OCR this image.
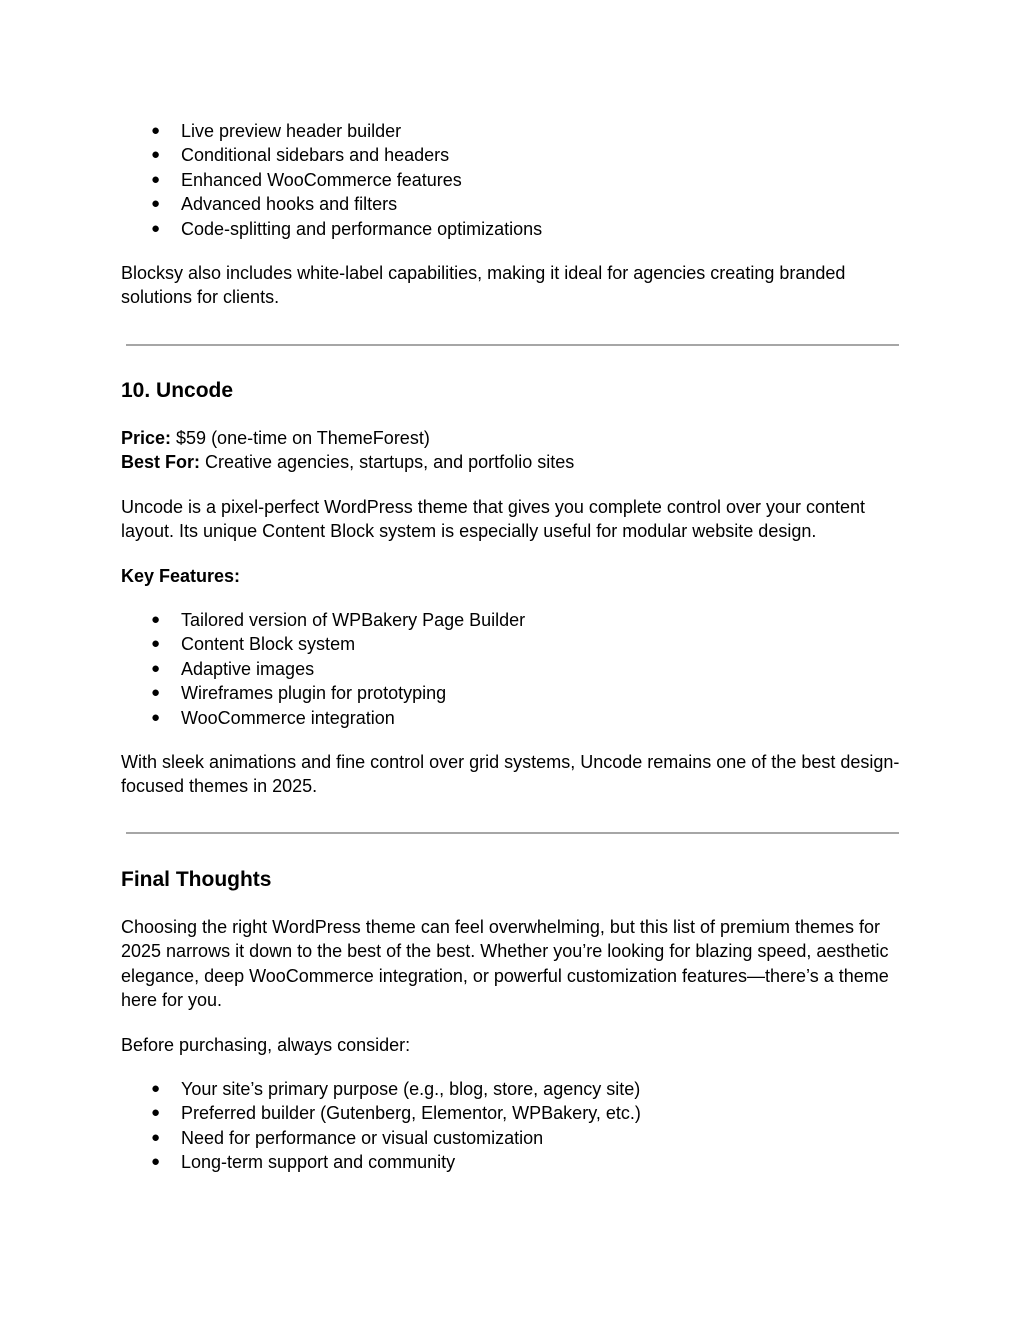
● Live preview header builder
● Conditional sidebars and headers
● Enhanced WooCommerce features
● Advanced hooks and filters
● Code-splitting and performance optimizations

Blocksy also includes white-label capabilities, making it ideal for agencies creating branded solutions for clients.

10. Uncode
Price: $59 (one-time on ThemeForest)
Best For: Creative agencies, startups, and portfolio sites

Uncode is a pixel-perfect WordPress theme that gives you complete control over your content layout. Its unique Content Block system is especially useful for modular website design.

Key Features:
● Tailored version of WPBakery Page Builder
● Content Block system
● Adaptive images
● Wireframes plugin for prototyping
● WooCommerce integration

With sleek animations and fine control over grid systems, Uncode remains one of the best design-focused themes in 2025.

Final Thoughts

Choosing the right WordPress theme can feel overwhelming, but this list of premium themes for 2025 narrows it down to the best of the best. Whether you’re looking for blazing speed, aesthetic elegance, deep WooCommerce integration, or powerful customization features—there’s a theme here for you.

Before purchasing, always consider:

● Your site’s primary purpose (e.g., blog, store, agency site)
● Preferred builder (Gutenberg, Elementor, WPBakery, etc.)
● Need for performance or visual customization
● Long-term support and community
